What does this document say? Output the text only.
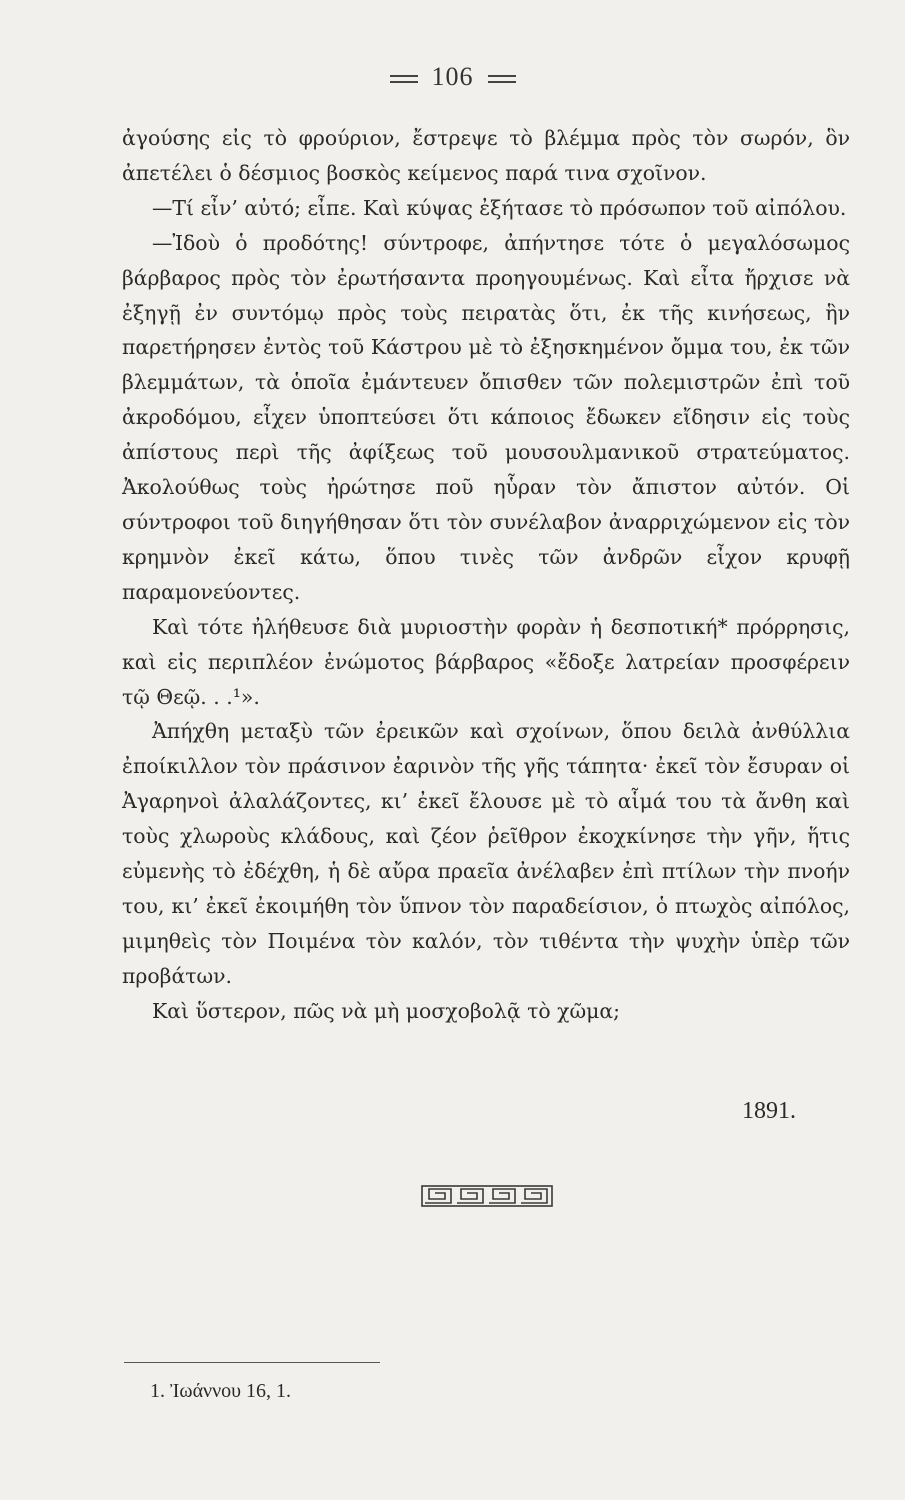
106

ἀγούσης εἰς τὸ φρούριον, ἔστρεψε τὸ βλέμμα πρὸς τὸν σωρόν, ὃν ἀπετέλει ὁ δέσμιος βοσκὸς κείμενος παρά τινα σχοῖνον.

—Τί εἶν’ αὐτό; εἶπε. Καὶ κύψας ἐξήτασε τὸ πρόσωπον τοῦ αἰπόλου.

—Ἰδοὺ ὁ προδότης! σύντροφε, ἀπήντησε τότε ὁ μεγαλόσωμος βάρβαρος πρὸς τὸν ἐρωτήσαντα προηγουμένως. Καὶ εἶτα ἤρχισε νὰ ἐξηγῇ ἐν συντόμῳ πρὸς τοὺς πειρατὰς ὅτι, ἐκ τῆς κινήσεως, ἣν παρετήρησεν ἐντὸς τοῦ Κάστρου μὲ τὸ ἐξησκημένον ὄμμα του, ἐκ τῶν βλεμμάτων, τὰ ὁποῖα ἐμάντευεν ὄπισθεν τῶν πολεμιστρῶν ἐπὶ τοῦ ἀκροδόμου, εἶχεν ὑποπτεύσει ὅτι κάποιος ἔδωκεν εἴδησιν εἰς τοὺς ἀπίστους περὶ τῆς ἀφίξεως τοῦ μουσουλμανικοῦ στρατεύματος. Ἀκολούθως τοὺς ἠρώτησε ποῦ ηὗραν τὸν ἄπιστον αὐτόν. Οἱ σύντροφοι τοῦ διηγήθησαν ὅτι τὸν συνέλαβον ἀναρριχώμενον εἰς τὸν κρημνὸν ἐκεῖ κάτω, ὅπου τινὲς τῶν ἀνδρῶν εἶχον κρυφῇ παραμονεύοντες.

Καὶ τότε ἠλήθευσε διὰ μυριοστὴν φορὰν ἡ δεσποτική* πρόρρησις, καὶ εἰς περιπλέον ἐνώμοτος βάρβαρος «ἔδοξε λατρείαν προσφέρειν τῷ Θεῷ. . .¹».

Ἀπήχθη μεταξὺ τῶν ἐρεικῶν καὶ σχοίνων, ὅπου δειλὰ ἀνθύλλια ἐποίκιλλον τὸν πράσινον ἐαρινὸν τῆς γῆς τάπητα· ἐκεῖ τὸν ἔσυραν οἱ Ἀγαρηνοὶ ἀλαλάζοντες, κι’ ἐκεῖ ἔλουσε μὲ τὸ αἷμά του τὰ ἄνθη καὶ τοὺς χλωροὺς κλάδους, καὶ ζέον ῥεῖθρον ἐκοχκίνησε τὴν γῆν, ἥτις εὐμενὴς τὸ ἐδέχθη, ἡ δὲ αὔρα πραεῖα ἀνέλαβεν ἐπὶ πτίλων τὴν πνοήν του, κι’ ἐκεῖ ἐκοιμήθη τὸν ὕπνον τὸν παραδείσιον, ὁ πτωχὸς αἰπόλος, μιμηθεὶς τὸν Ποιμένα τὸν καλόν, τὸν τιθέντα τὴν ψυχὴν ὑπὲρ τῶν προβάτων.

Καὶ ὕστερον, πῶς νὰ μὴ μοσχοβολᾷ τὸ χῶμα;

1891.
1. Ἰωάννου 16, 1.
